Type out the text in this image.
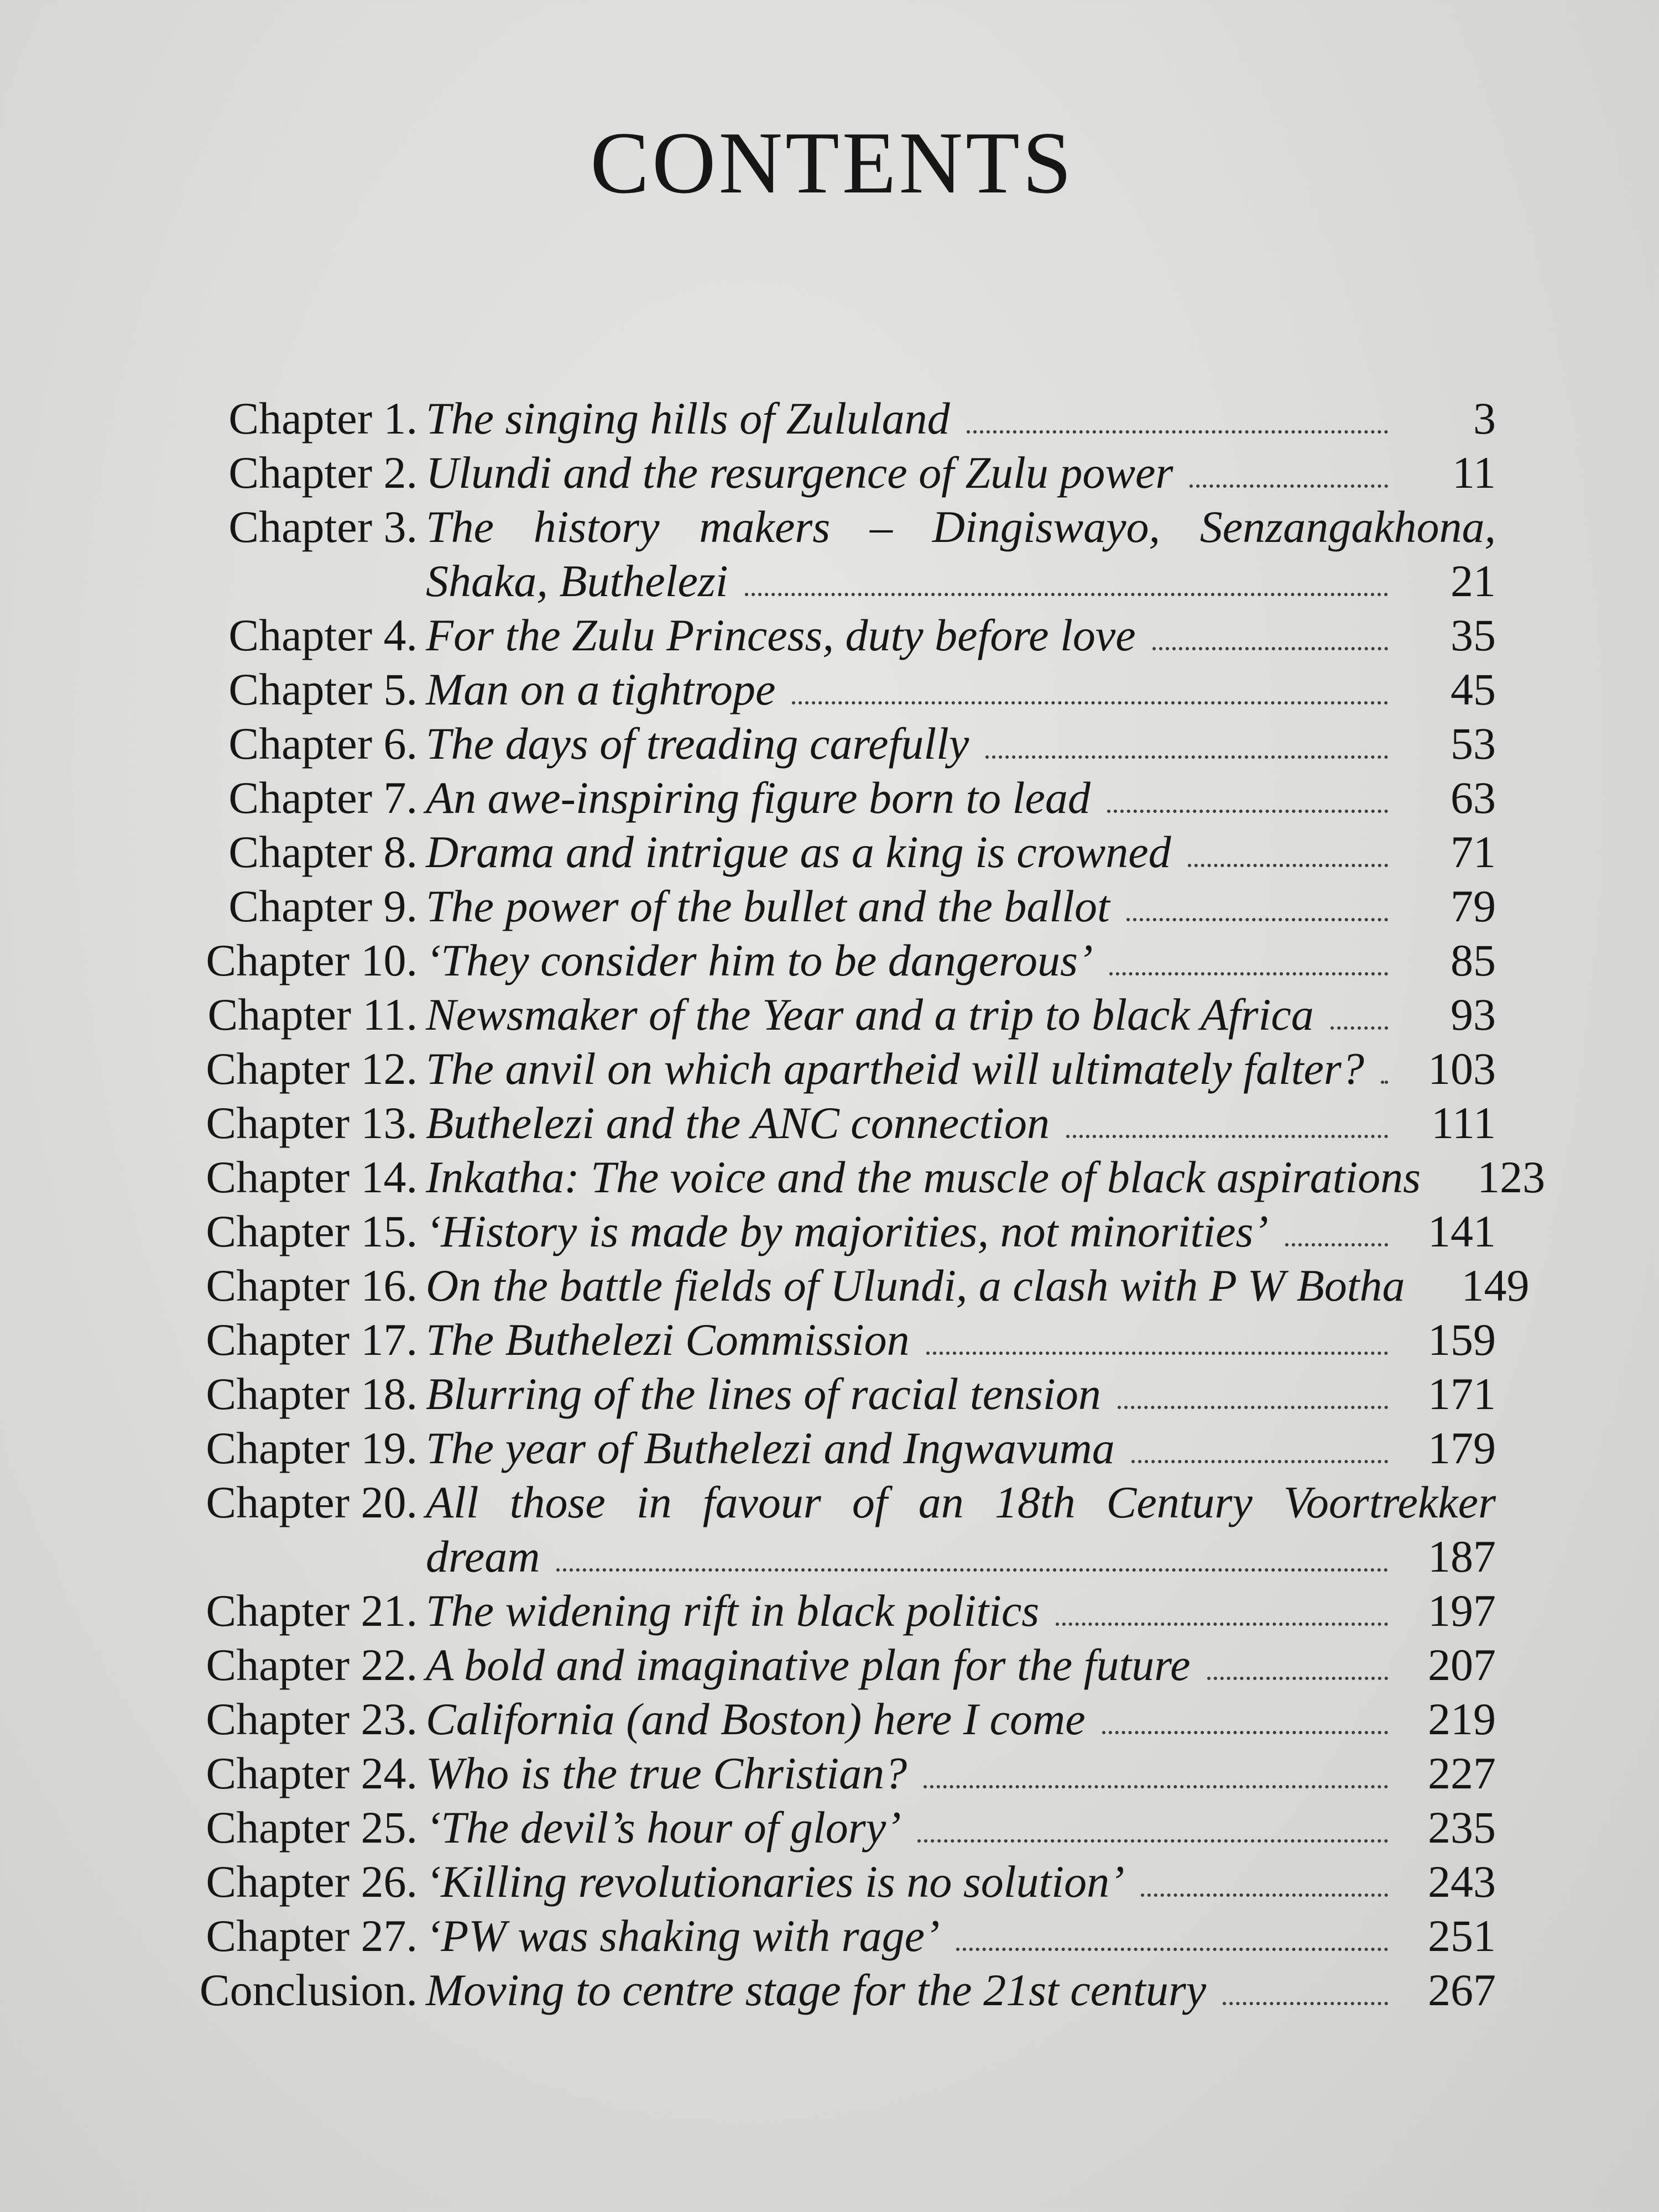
CONTENTS
Chapter 1. The singing hills of Zululand	3
Chapter 2. Ulundi and the resurgence of Zulu power	11
Chapter 3. The history makers – Dingiswayo, Senzangakhona,
Shaka, Buthelezi	21
Chapter 4. For the Zulu Princess, duty before love	35
Chapter 5. Man on a tightrope	45
Chapter 6. The days of treading carefully	53
Chapter 7. An awe-inspiring figure born to lead	63
Chapter 8. Drama and intrigue as a king is crowned	71
Chapter 9. The power of the bullet and the ballot	79
Chapter 10. ‘They consider him to be dangerous’	85
Chapter 11. Newsmaker of the Year and a trip to black Africa	93
Chapter 12. The anvil on which apartheid will ultimately falter? 103
Chapter 13. Buthelezi and the ANC connection	111
Chapter 14. Inkatha: The voice and the muscle of black aspirations 123
Chapter 15. ‘History is made by majorities, not minorities’	141
Chapter 16. On the battle fields of Ulundi, a clash with P W Botha 149
Chapter 17. The Buthelezi Commission	159
Chapter 18. Blurring of the lines of racial tension	171
Chapter 19. The year of Buthelezi and Ingwavuma	179
Chapter 20. All those in favour of an 18th Century Voortrekker
dream	187
Chapter 21. The widening rift in black politics	197
Chapter 22. A bold and imaginative plan for the future	207
Chapter 23. California (and Boston) here I come	219
Chapter 24. Who is the true Christian?	227
Chapter 25. ‘The devil’s hour of glory’	235
Chapter 26. ‘Killing revolutionaries is no solution’	243
Chapter 27. ‘PW was shaking with rage’	251
Conclusion. Moving to centre stage for the 21st century	267
